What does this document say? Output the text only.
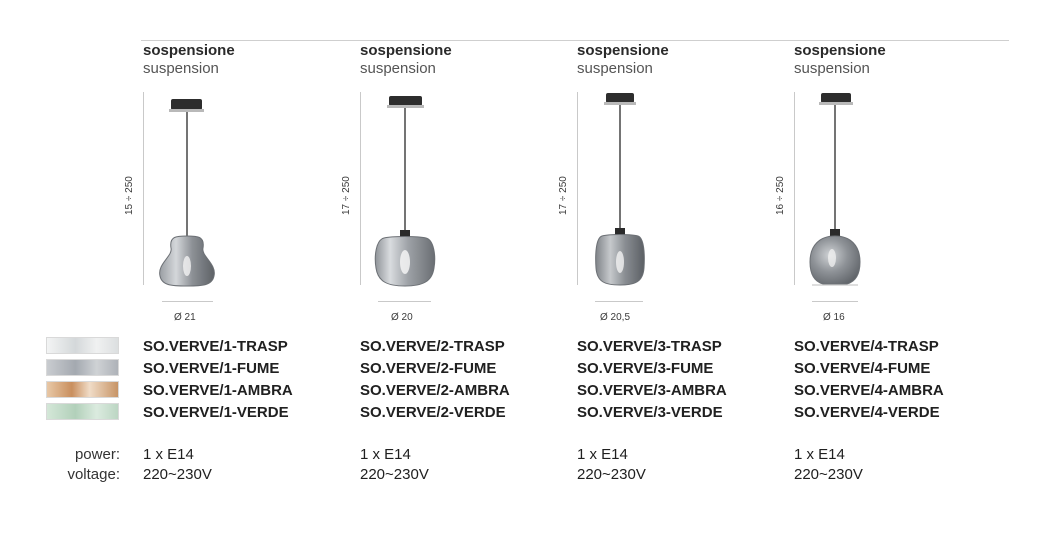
power:
voltage:
sospensione
suspension
15 ÷ 250
Ø 21
SO.VERVE/1-TRASP
SO.VERVE/1-FUME
SO.VERVE/1-AMBRA
SO.VERVE/1-VERDE
1 x E14
220~230V
sospensione
suspension
17 ÷ 250
Ø 20
SO.VERVE/2-TRASP
SO.VERVE/2-FUME
SO.VERVE/2-AMBRA
SO.VERVE/2-VERDE
1 x E14
220~230V
sospensione
suspension
17 ÷ 250
Ø 20,5
SO.VERVE/3-TRASP
SO.VERVE/3-FUME
SO.VERVE/3-AMBRA
SO.VERVE/3-VERDE
1 x E14
220~230V
sospensione
suspension
16 ÷ 250
Ø 16
SO.VERVE/4-TRASP
SO.VERVE/4-FUME
SO.VERVE/4-AMBRA
SO.VERVE/4-VERDE
1 x E14
220~230V
